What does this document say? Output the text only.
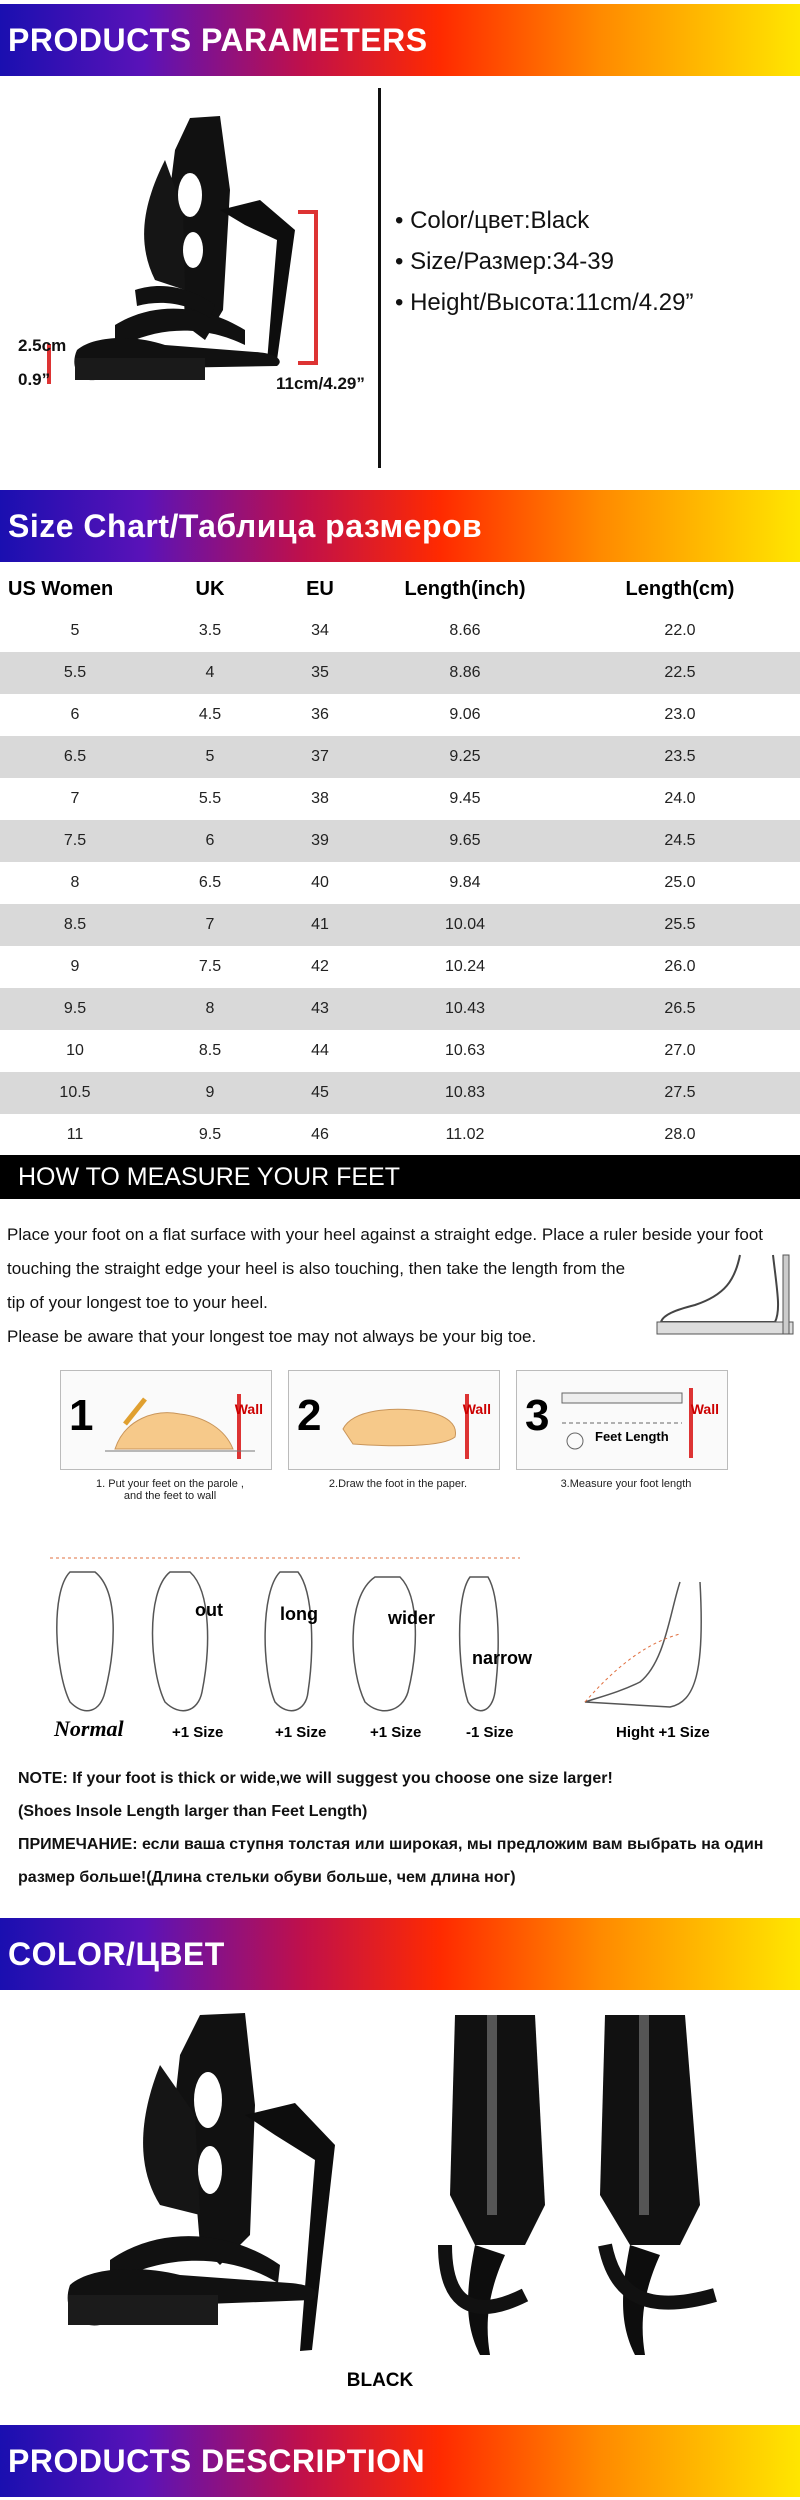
PRODUCTS PARAMETERS
2.5cm
0.9”	11cm/4.29”
• Color/цвет:Black
• Size/Размер:34-39
• Height/Высота:11cm/4.29”
Size Chart/Таблица размеров
US Women	UK	EU	Length(inch)	Length(cm)
5	3.5	34	8.66	22.0
5.5	4	35	8.86	22.5
6	4.5	36	9.06	23.0
6.5	5	37	9.25	23.5
7	5.5	38	9.45	24.0
7.5	6	39	9.65	24.5
8	6.5	40	9.84	25.0
8.5	7	41	10.04	25.5
9	7.5	42	10.24	26.0
9.5	8	43	10.43	26.5
10	8.5	44	10.63	27.0
10.5	9	45	10.83	27.5
11	9.5	46	11.02	28.0
HOW TO MEASURE YOUR FEET

Place your foot on a flat surface with your heel against a straight edge. Place a ruler beside your foot

touching the straight edge your heel is also touching, then take the length from the

tip of your longest toe to your heel.

Please be aware that your longest toe may not always be your big toe.

1	Wall 2	Wall 3	Feet Length
Wall
1. Put your feet on the parole ,
and the feet to wall
2.Draw the foot in the paper.	3.Measure your foot length
out	long	wider
narrow
Normal	+1 Size	+1 Size	+1 Size	-1 Size	Hight +1 Size
NOTE: If your foot is thick or wide,we will suggest you choose one size larger!
(Shoes Insole Length larger than Feet Length)
ПРИМЕЧАНИЕ: если ваша ступня толстая или широкая, мы предложим вам выбрать на один
размер больше!(Длина стельки обуви больше, чем длина ног)
COLOR/ЦВЕТ
BLACK
PRODUCTS DESCRIPTION
